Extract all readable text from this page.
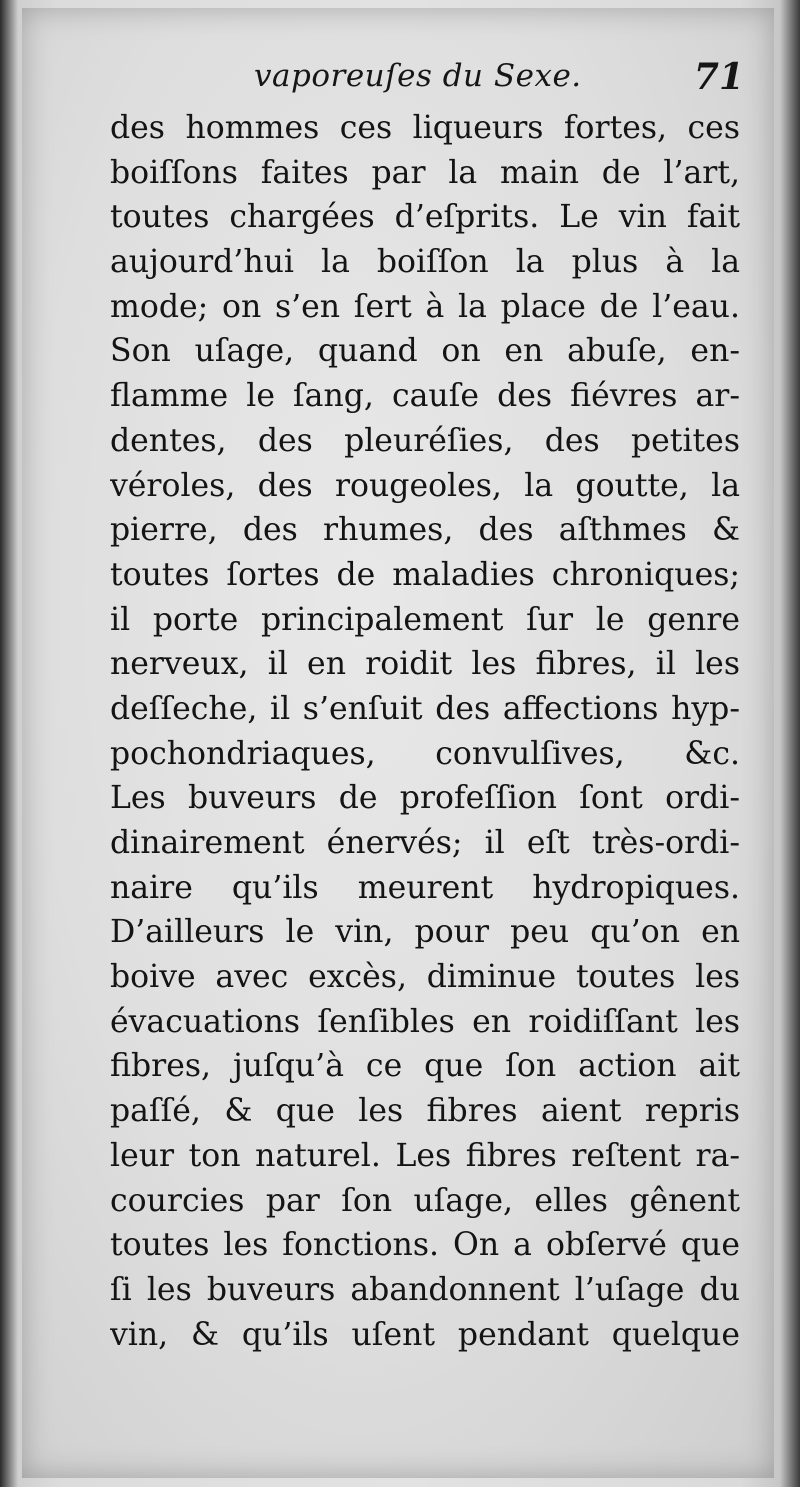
vaporeuſes du Sexe.	71
des hommes ces liqueurs fortes, ces
boiſſons faites par la main de l’art,
toutes chargées d’eſprits. Le vin fait
aujourd’hui la boiſſon la plus à la
mode; on s’en ſert à la place de l’eau.
Son uſage, quand on en abuſe, en-
flamme le ſang, cauſe des fiévres ar-
dentes, des pleuréſies, des petites
véroles, des rougeoles, la goutte, la
pierre, des rhumes, des aſthmes &
toutes ſortes de maladies chroniques;
il porte principalement ſur le genre
nerveux, il en roidit les fibres, il les
deſſeche, il s’enſuit des affections hyp-
pochondriaques, convulſives, &c.
Les buveurs de profeſſion ſont ordi-
dinairement énervés; il eſt très-ordi-
naire qu’ils meurent hydropiques.
D’ailleurs le vin, pour peu qu’on en
boive avec excès, diminue toutes les
évacuations ſenſibles en roidiſſant les
fibres, juſqu’à ce que ſon action ait
paſſé, & que les fibres aient repris
leur ton naturel. Les fibres reſtent ra-
courcies par ſon uſage, elles gênent
toutes les fonctions. On a obſervé que
ſi les buveurs abandonnent l’uſage du
vin, & qu’ils uſent pendant quelque
